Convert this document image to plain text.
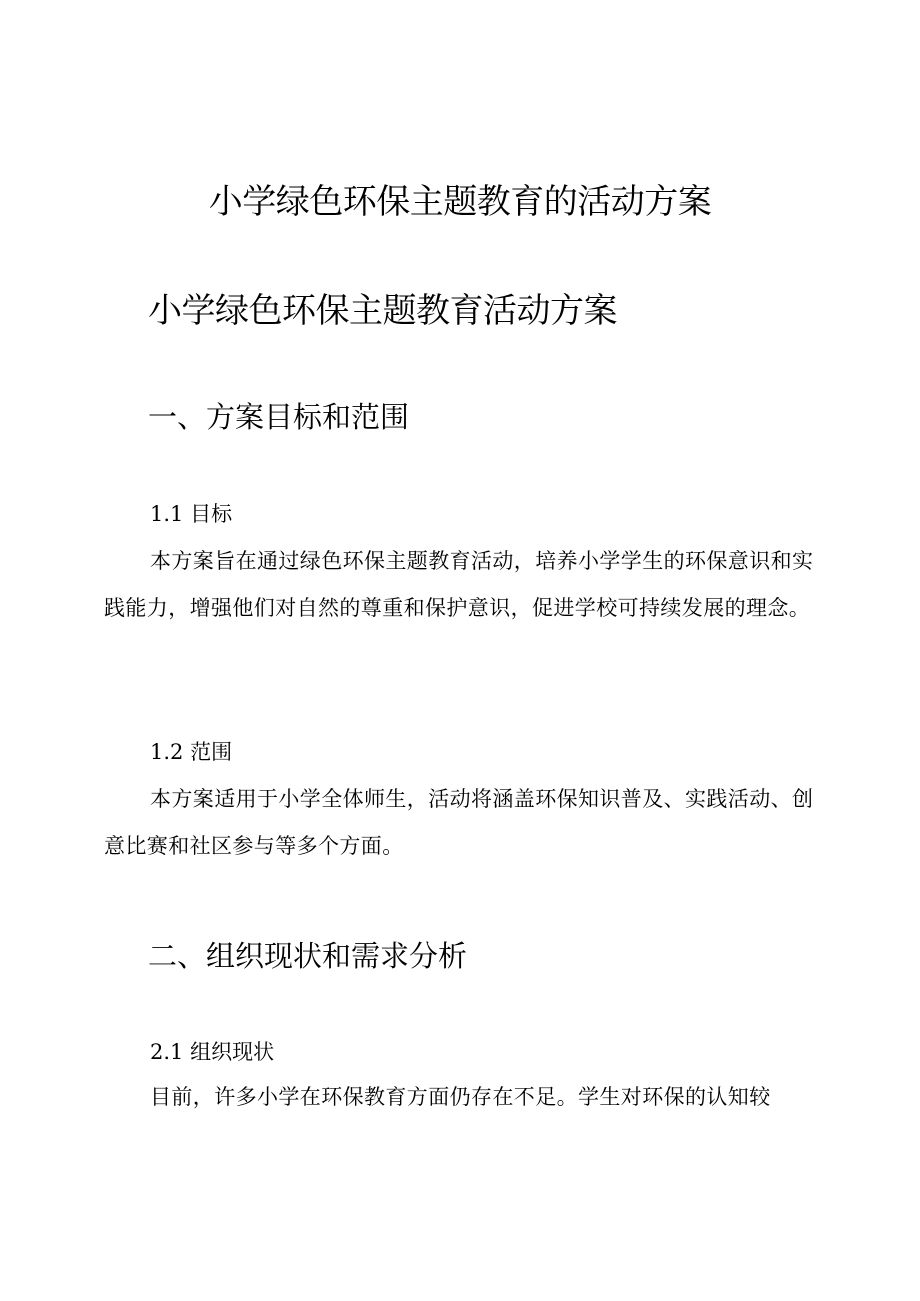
小学绿色环保主题教育的活动方案
小学绿色环保主题教育活动方案
一、方案目标和范围
1.1 目标

本方案旨在通过绿色环保主题教育活动，培养小学学生的环保意识和实践能力，增强他们对自然的尊重和保护意识，促进学校可持续发展的理念。

1.2 范围

本方案适用于小学全体师生，活动将涵盖环保知识普及、实践活动、创意比赛和社区参与等多个方面。

二、组织现状和需求分析
2.1 组织现状

目前，许多小学在环保教育方面仍存在不足。学生对环保的认知较
